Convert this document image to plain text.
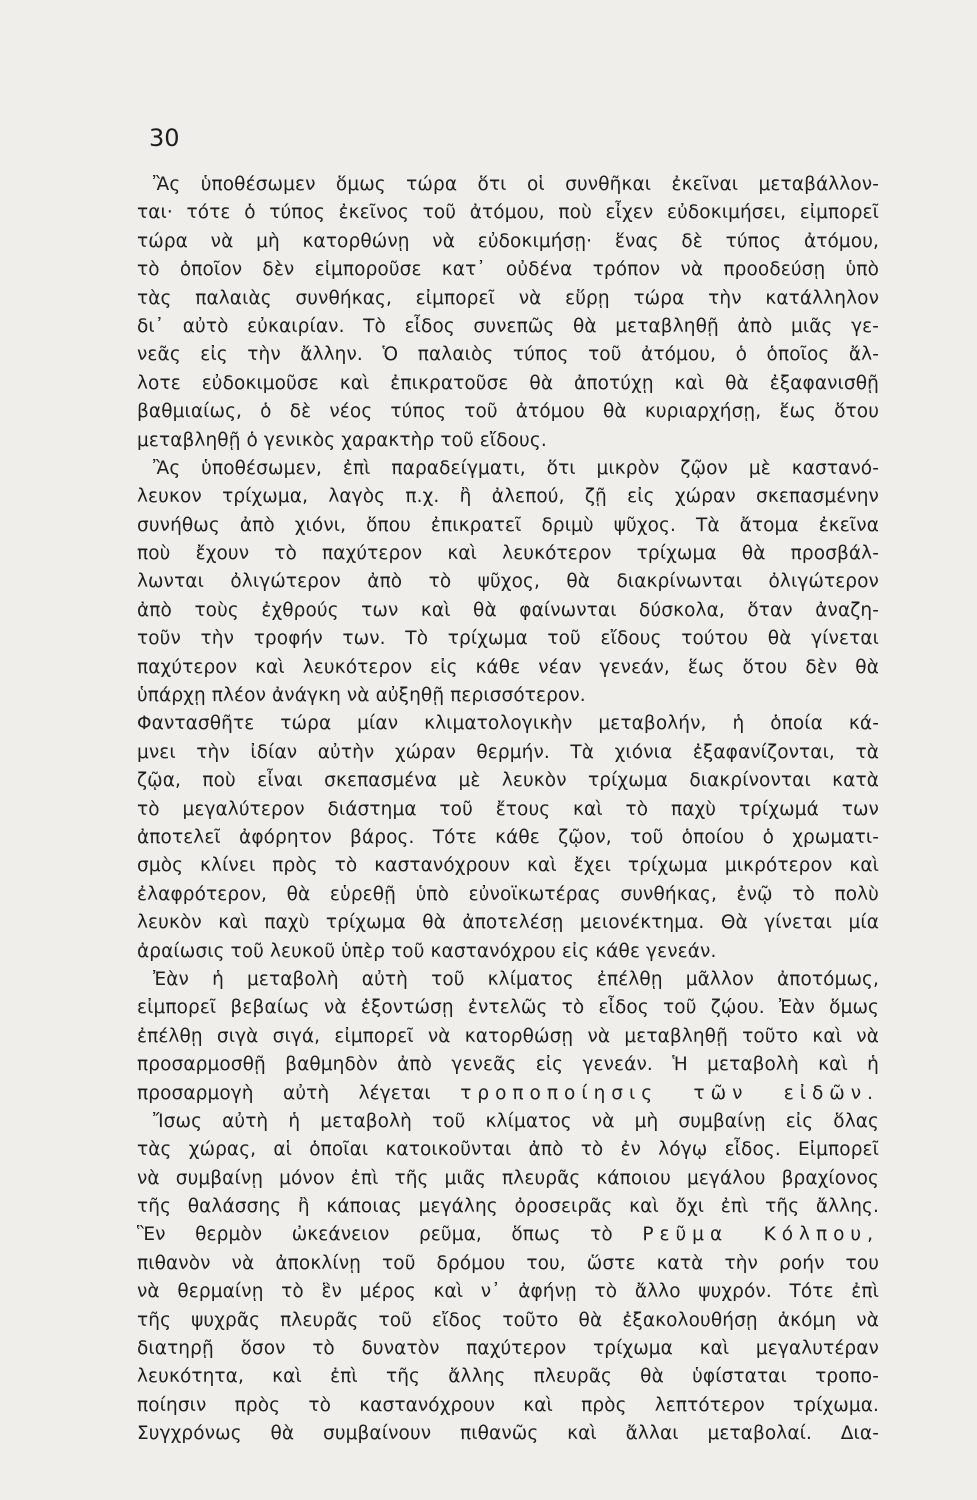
30
Ἂς ὑποθέσωμεν ὅμως τώρα ὅτι οἱ συνθῆκαι ἐκεῖναι μεταβάλλον-
ται· τότε ὁ τύπος ἐκεῖνος τοῦ ἀτόμου, ποὺ εἶχεν εὐδοκιμήσει, εἰμπορεῖ
τώρα νὰ μὴ κατορθώνῃ νὰ εὐδοκιμήσῃ· ἕνας δὲ τύπος ἀτόμου,
τὸ ὁποῖον δὲν εἰμποροῦσε κατ᾽ οὐδένα τρόπον νὰ προοδεύσῃ ὑπὸ
τὰς παλαιὰς συνθήκας, εἰμπορεῖ νὰ εὕρῃ τώρα τὴν κατάλληλον
δι᾽ αὐτὸ εὐκαιρίαν. Τὸ εἶδος συνεπῶς θὰ μεταβληθῇ ἀπὸ μιᾶς γε-
νεᾶς εἰς τὴν ἄλλην. Ὁ παλαιὸς τύπος τοῦ ἀτόμου, ὁ ὁποῖος ἄλ-
λοτε εὐδοκιμοῦσε καὶ ἐπικρατοῦσε θὰ ἀποτύχῃ καὶ θὰ ἐξαφανισθῇ
βαθμιαίως, ὁ δὲ νέος τύπος τοῦ ἀτόμου θὰ κυριαρχήσῃ, ἕως ὅτου
μεταβληθῇ ὁ γενικὸς χαρακτὴρ τοῦ εἴδους.
Ἂς ὑποθέσωμεν, ἐπὶ παραδείγματι, ὅτι μικρὸν ζῷον μὲ καστανό-
λευκον τρίχωμα, λαγὸς π.χ. ἢ ἀλεπού, ζῇ εἰς χώραν σκεπασμένην
συνήθως ἀπὸ χιόνι, ὅπου ἐπικρατεῖ δριμὺ ψῦχος. Τὰ ἄτομα ἐκεῖνα
ποὺ ἔχουν τὸ παχύτερον καὶ λευκότερον τρίχωμα θὰ προσβάλ-
λωνται ὀλιγώτερον ἀπὸ τὸ ψῦχος, θὰ διακρίνωνται ὀλιγώτερον
ἀπὸ τοὺς ἐχθρούς των καὶ θὰ φαίνωνται δύσκολα, ὅταν ἀναζη-
τοῦν τὴν τροφήν των. Τὸ τρίχωμα τοῦ εἴδους τούτου θὰ γίνεται
παχύτερον καὶ λευκότερον εἰς κάθε νέαν γενεάν, ἕως ὅτου δὲν θὰ
ὑπάρχῃ πλέον ἀνάγκη νὰ αὐξηθῇ περισσότερον.
Φαντασθῆτε τώρα μίαν κλιματολογικὴν μεταβολήν, ἡ ὁποία κά-
μνει τὴν ἰδίαν αὐτὴν χώραν θερμήν. Τὰ χιόνια ἐξαφανίζονται, τὰ
ζῷα, ποὺ εἶναι σκεπασμένα μὲ λευκὸν τρίχωμα διακρίνονται κατὰ
τὸ μεγαλύτερον διάστημα τοῦ ἔτους καὶ τὸ παχὺ τρίχωμά των
ἀποτελεῖ ἀφόρητον βάρος. Τότε κάθε ζῷον, τοῦ ὁποίου ὁ χρωματι-
σμὸς κλίνει πρὸς τὸ καστανόχρουν καὶ ἔχει τρίχωμα μικρότερον καὶ
ἐλαφρότερον, θὰ εὑρεθῇ ὑπὸ εὐνοϊκωτέρας συνθήκας, ἐνῷ τὸ πολὺ
λευκὸν καὶ παχὺ τρίχωμα θὰ ἀποτελέσῃ μειονέκτημα. Θὰ γίνεται μία
ἀραίωσις τοῦ λευκοῦ ὑπὲρ τοῦ καστανόχρου εἰς κάθε γενεάν.
Ἐὰν ἡ μεταβολὴ αὐτὴ τοῦ κλίματος ἐπέλθῃ μᾶλλον ἀποτόμως,
εἰμπορεῖ βεβαίως νὰ ἐξοντώσῃ ἐντελῶς τὸ εἶδος τοῦ ζῴου. Ἐὰν ὅμως
ἐπέλθῃ σιγὰ σιγά, εἰμπορεῖ νὰ κατορθώσῃ νὰ μεταβληθῇ τοῦτο καὶ νὰ
προσαρμοσθῇ βαθμηδὸν ἀπὸ γενεᾶς εἰς γενεάν. Ἡ μεταβολὴ καὶ ἡ
προσαρμογὴ αὐτὴ λέγεται τροποποίησις τῶν εἰδῶν.
Ἴσως αὐτὴ ἡ μεταβολὴ τοῦ κλίματος νὰ μὴ συμβαίνῃ εἰς ὅλας
τὰς χώρας, αἱ ὁποῖαι κατοικοῦνται ἀπὸ τὸ ἐν λόγῳ εἶδος. Εἰμπορεῖ
νὰ συμβαίνῃ μόνον ἐπὶ τῆς μιᾶς πλευρᾶς κάποιου μεγάλου βραχίονος
τῆς θαλάσσης ἢ κάποιας μεγάλης ὀροσειρᾶς καὶ ὄχι ἐπὶ τῆς ἄλλης.
Ἓν θερμὸν ὠκεάνειον ρεῦμα, ὅπως τὸ Ρεῦμα Κόλπου,
πιθανὸν νὰ ἀποκλίνῃ τοῦ δρόμου του, ὥστε κατὰ τὴν ροήν του
νὰ θερμαίνῃ τὸ ἓν μέρος καὶ ν᾽ ἀφήνῃ τὸ ἄλλο ψυχρόν. Τότε ἐπὶ
τῆς ψυχρᾶς πλευρᾶς τοῦ εἴδος τοῦτο θὰ ἐξακολουθήσῃ ἀκόμη νὰ
διατηρῇ ὅσον τὸ δυνατὸν παχύτερον τρίχωμα καὶ μεγαλυτέραν
λευκότητα, καὶ ἐπὶ τῆς ἄλλης πλευρᾶς θὰ ὑφίσταται τροπο-
ποίησιν πρὸς τὸ καστανόχρουν καὶ πρὸς λεπτότερον τρίχωμα.
Συγχρόνως θὰ συμβαίνουν πιθανῶς καὶ ἄλλαι μεταβολαί. Δια-
